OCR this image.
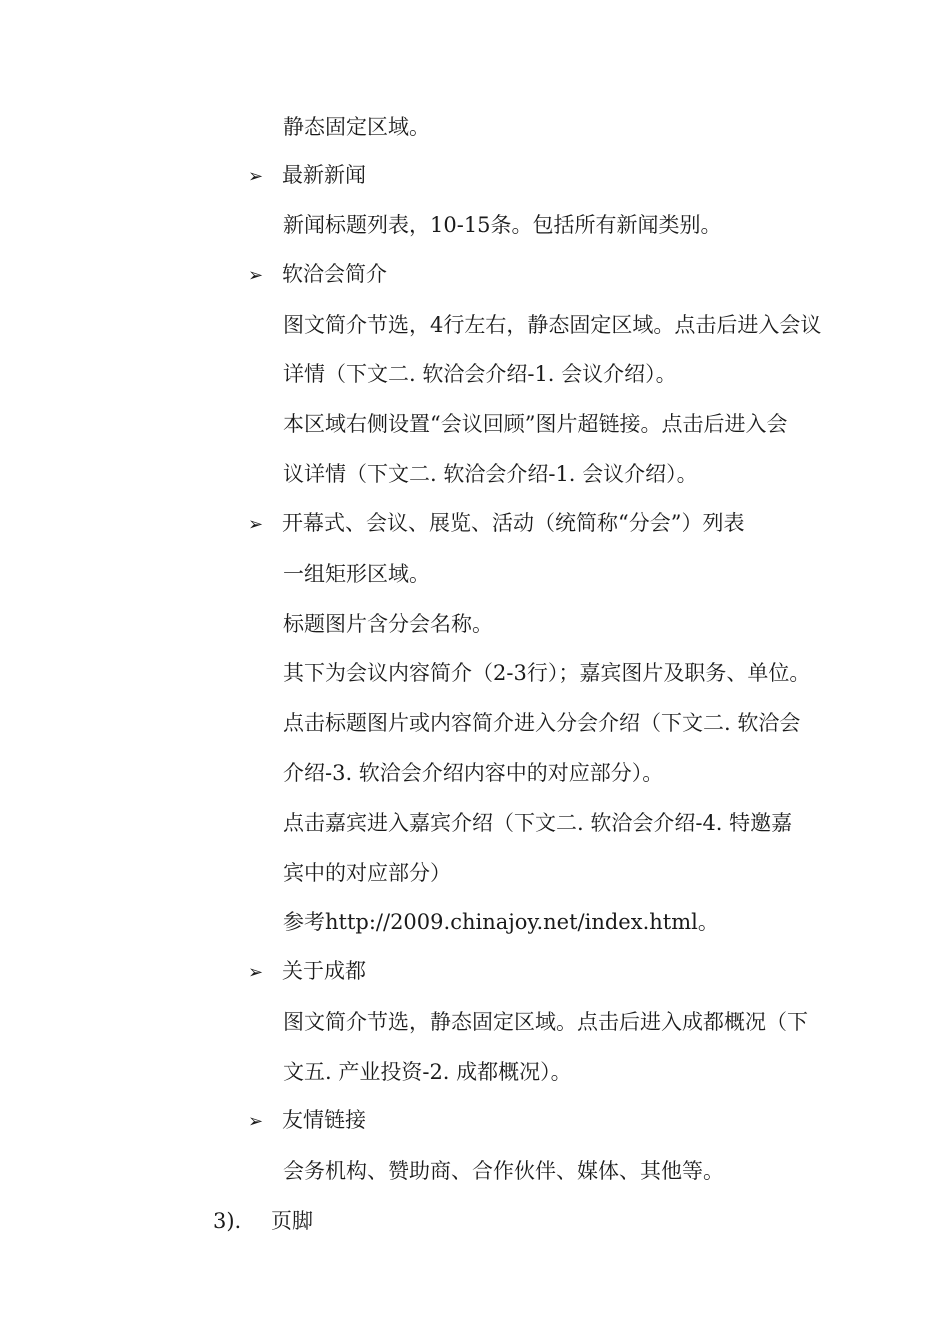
静态固定区域。
➢ 最新新闻
新闻标题列表，10-15条。包括所有新闻类别。
➢ 软洽会简介
图文简介节选，4行左右，静态固定区域。点击后进入会议
详情（下文二. 软洽会介绍-1. 会议介绍）。
本区域右侧设置“会议回顾”图片超链接。点击后进入会
议详情（下文二. 软洽会介绍-1. 会议介绍）。
➢ 开幕式、会议、展览、活动（统简称“分会”）列表
一组矩形区域。
标题图片含分会名称。
其下为会议内容简介（2-3行）；嘉宾图片及职务、单位。
点击标题图片或内容简介进入分会介绍（下文二. 软洽会
介绍-3. 软洽会介绍内容中的对应部分）。
点击嘉宾进入嘉宾介绍（下文二. 软洽会介绍-4. 特邀嘉
宾中的对应部分）
参考http://2009.chinajoy.net/index.html。
➢ 关于成都
图文简介节选，静态固定区域。点击后进入成都概况（下
文五. 产业投资-2. 成都概况）。
➢ 友情链接
会务机构、赞助商、合作伙伴、媒体、其他等。
3). 页脚
